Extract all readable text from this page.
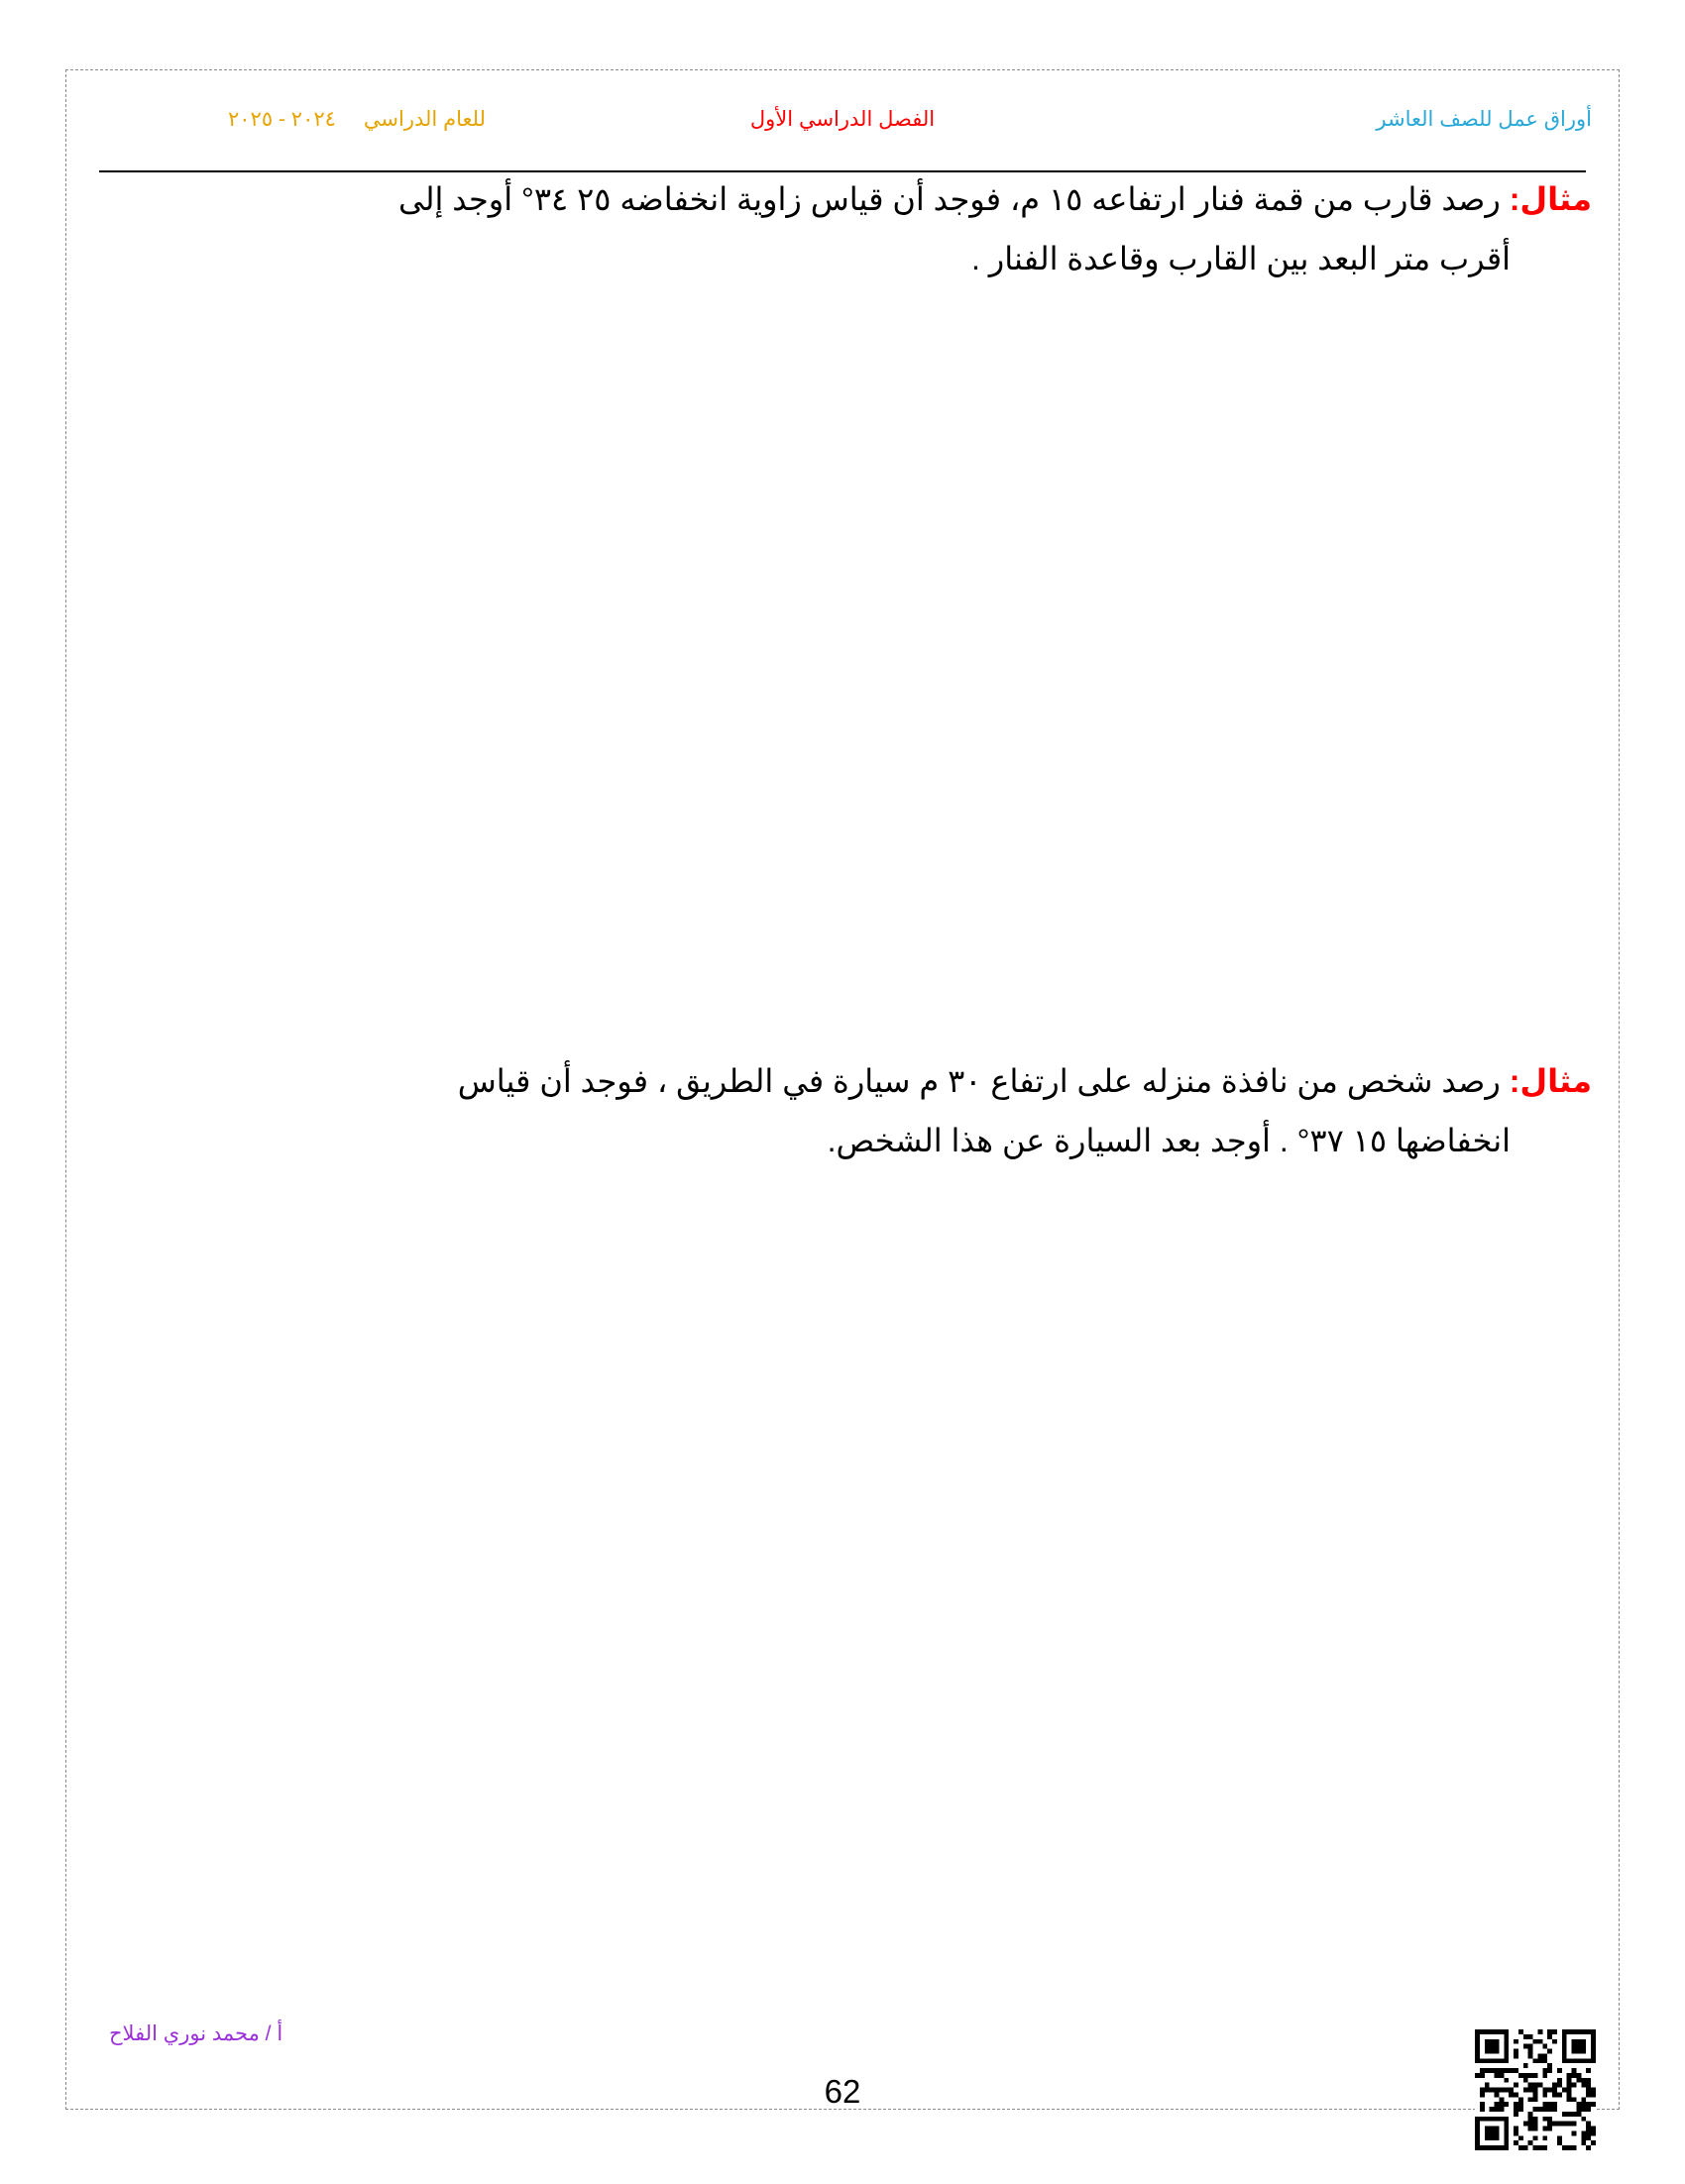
أوراق عمل للصف العاشر
الفصل الدراسي الأول
للعام الدراسي٢٠٢٤ - ٢٠٢٥
مثال: رصد قارب من قمة فنار ارتفاعه ١٥ م، فوجد أن قياس زاوية انخفاضه ٢٥ ٣٤° أوجد إلى
أقرب متر البعد بين القارب وقاعدة الفنار .
مثال: رصد شخص من نافذة منزله على ارتفاع ٣٠ م سيارة في الطريق ، فوجد أن قياس
انخفاضها ١٥ ٣٧° . أوجد بعد السيارة عن هذا الشخص.
أ / محمد نوري الفلاح
62
